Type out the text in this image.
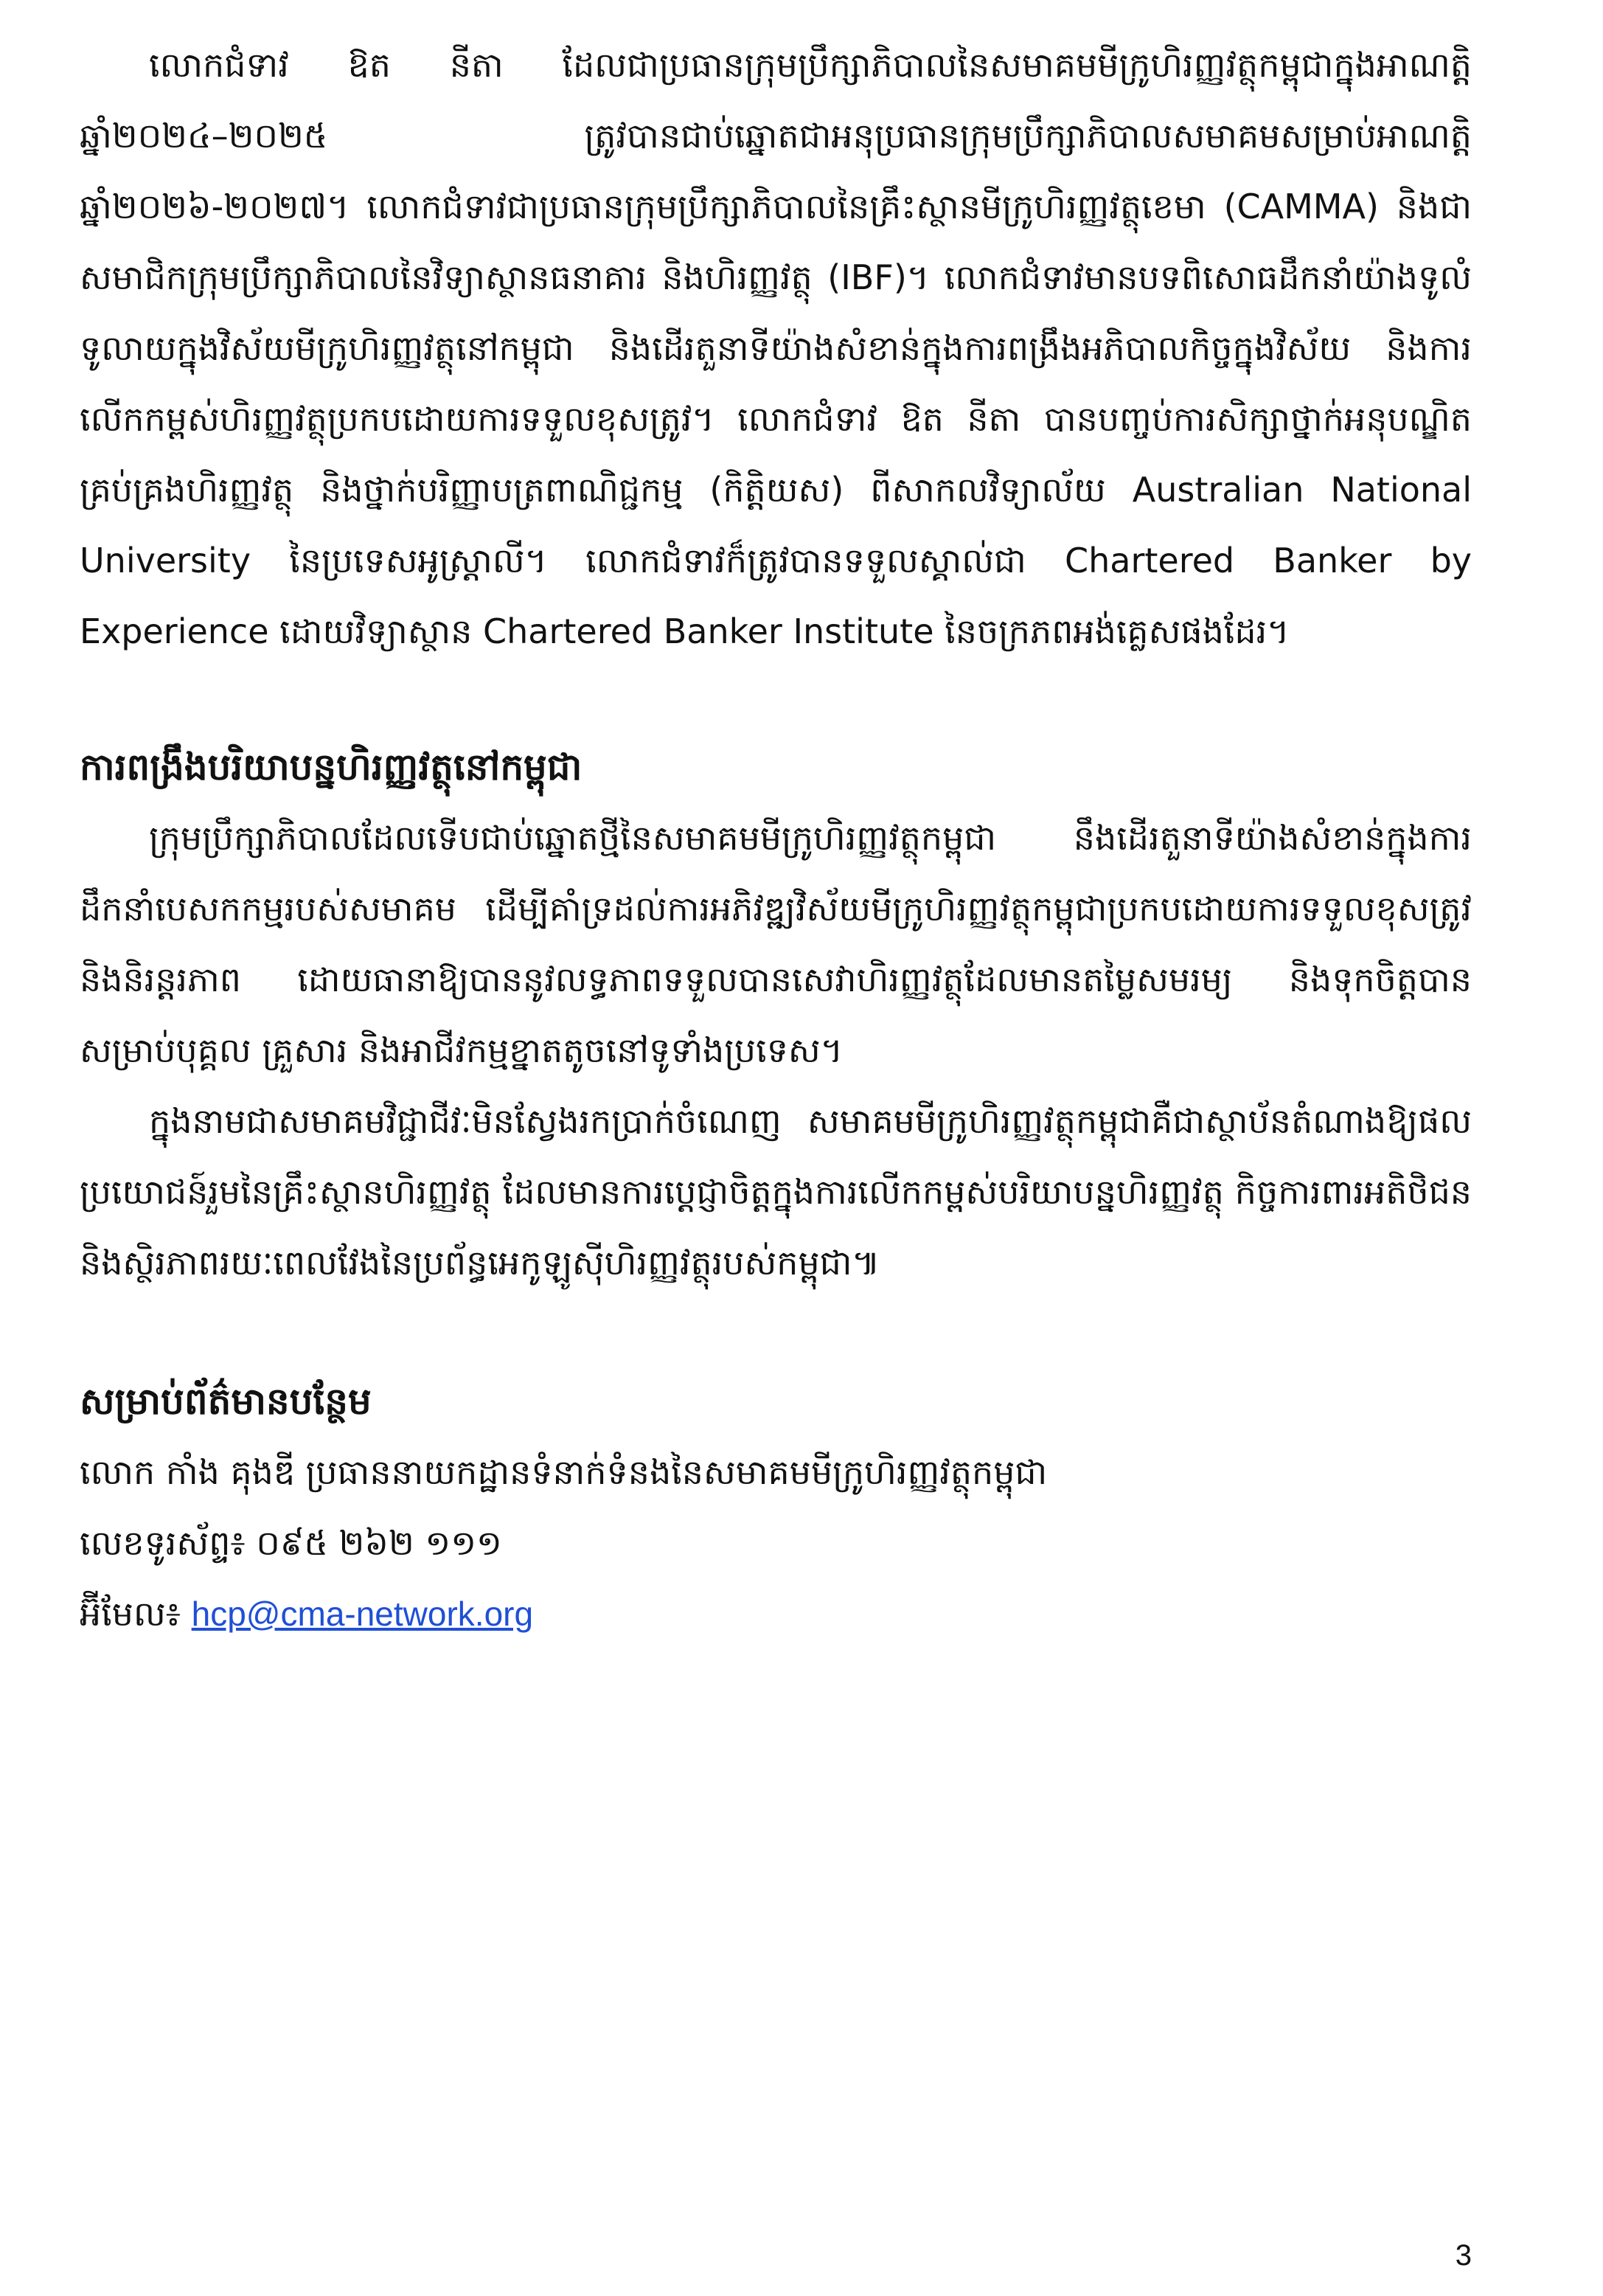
លោកជំទាវ ឱត នីតា ដែលជាប្រធានក្រុមប្រឹក្សាភិបាលនៃសមាគមមីក្រូហិរញ្ញវត្ថុកម្ពុជាក្នុងអាណត្តិឆ្នាំ២០២៤–២០២៥ ត្រូវបានជាប់ឆ្នោតជាអនុប្រធានក្រុមប្រឹក្សាភិបាលសមាគមសម្រាប់អាណត្តិឆ្នាំ២០២៦-២០២៧។ លោកជំទាវជាប្រធានក្រុមប្រឹក្សាភិបាលនៃគ្រឹះស្ថានមីក្រូហិរញ្ញវត្ថុខេមា (CAMMA) និងជាសមាជិកក្រុមប្រឹក្សាភិបាលនៃវិទ្យាស្ថានធនាគារ និងហិរញ្ញវត្ថុ (IBF)។ លោកជំទាវមានបទពិសោធដឹកនាំយ៉ាងទូលំទូលាយក្នុងវិស័យមីក្រូហិរញ្ញវត្ថុនៅកម្ពុជា និងដើរតួនាទីយ៉ាងសំខាន់ក្នុងការពង្រឹងអភិបាលកិច្ចក្នុងវិស័យ និងការលើកកម្ពស់ហិរញ្ញវត្ថុប្រកបដោយការទទួលខុសត្រូវ។ លោកជំទាវ ឱត នីតា បានបញ្ចប់ការសិក្សាថ្នាក់អនុបណ្ឌិតគ្រប់គ្រងហិរញ្ញវត្ថុ និងថ្នាក់បរិញ្ញាបត្រពាណិជ្ជកម្ម (កិត្តិយស) ពីសាកលវិទ្យាល័យ Australian National University នៃប្រទេសអូស្ត្រាលី។ លោកជំទាវក៏ត្រូវបានទទួលស្គាល់ជា Chartered Banker by Experience ដោយវិទ្យាស្ថាន Chartered Banker Institute នៃចក្រភពអង់គ្លេសផងដែរ។

ការពង្រឹងបរិយាបន្នហិរញ្ញវត្ថុនៅកម្ពុជា

ក្រុមប្រឹក្សាភិបាលដែលទើបជាប់ឆ្នោតថ្មីនៃសមាគមមីក្រូហិរញ្ញវត្ថុកម្ពុជា នឹងដើរតួនាទីយ៉ាងសំខាន់ក្នុងការដឹកនាំបេសកកម្មរបស់សមាគម ដើម្បីគាំទ្រដល់ការអភិវឌ្ឍវិស័យមីក្រូហិរញ្ញវត្ថុកម្ពុជាប្រកបដោយការទទួលខុសត្រូវ និងនិរន្តរភាព ដោយធានាឱ្យបាននូវលទ្ធភាពទទួលបានសេវាហិរញ្ញវត្ថុដែលមានតម្លៃសមរម្យ និងទុកចិត្តបានសម្រាប់បុគ្គល គ្រួសារ និងអាជីវកម្មខ្នាតតូចនៅទូទាំងប្រទេស។

ក្នុងនាមជាសមាគមវិជ្ជាជីវៈមិនស្វែងរកប្រាក់ចំណេញ សមាគមមីក្រូហិរញ្ញវត្ថុកម្ពុជាគឺជាស្ថាប័នតំណាងឱ្យផលប្រយោជន៍រួមនៃគ្រឹះស្ថានហិរញ្ញវត្ថុ ដែលមានការប្តេជ្ញាចិត្តក្នុងការលើកកម្ពស់បរិយាបន្នហិរញ្ញវត្ថុ កិច្ចការពារអតិថិជន និងស្ថិរភាពរយៈពេលវែងនៃប្រព័ន្ធអេកូឡូស៊ីហិរញ្ញវត្ថុរបស់កម្ពុជា៕

សម្រាប់ព័ត៌មានបន្ថែម

លោក កាំង គុងឌី ប្រធាននាយកដ្ឋានទំនាក់ទំនងនៃសមាគមមីក្រូហិរញ្ញវត្ថុកម្ពុជា

លេខទូរស័ព្ទ៖ ០៩៥ ២៦២ ១១១

អ៊ីមែល៖ hcp@cma-network.org

3
